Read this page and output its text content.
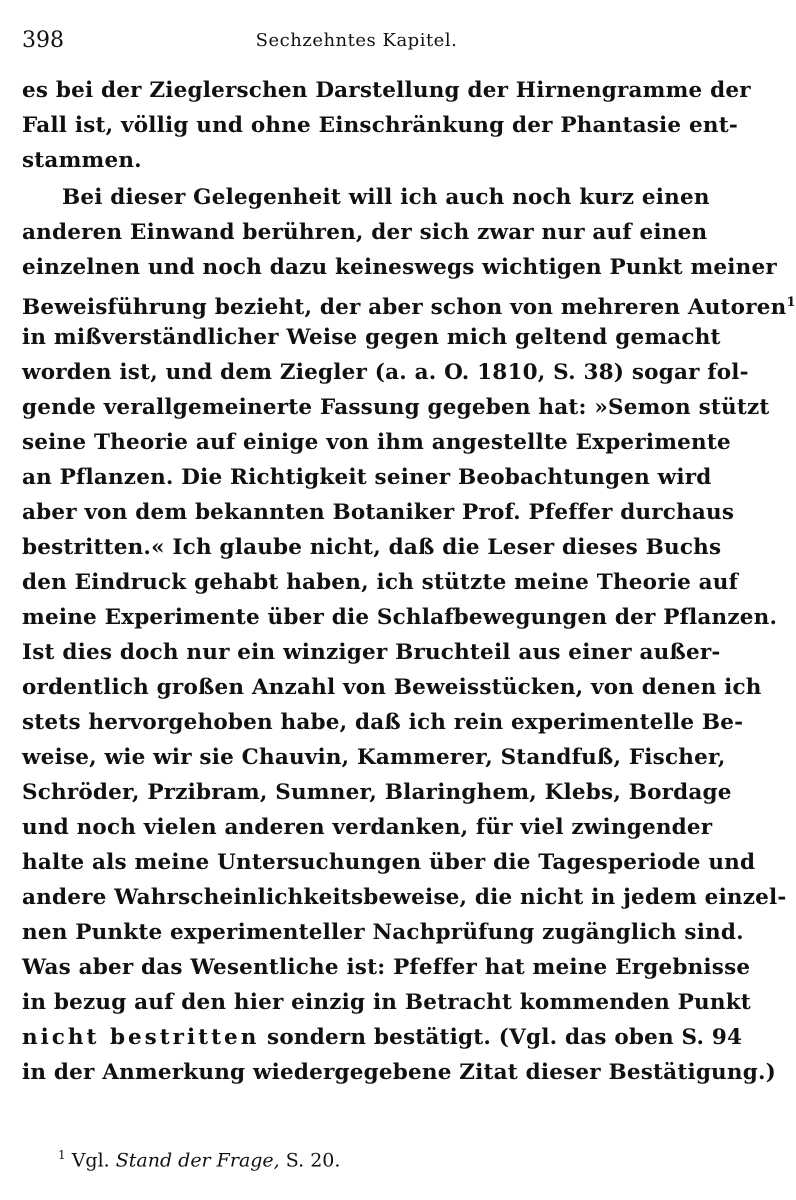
398	Sechzehntes Kapitel.
es bei der Zieglerschen Darstellung der Hirnengramme der
Fall ist, völlig und ohne Einschränkung der Phantasie ent-
stammen.
Bei dieser Gelegenheit will ich auch noch kurz einen
anderen Einwand berühren, der sich zwar nur auf einen
einzelnen und noch dazu keineswegs wichtigen Punkt meiner
Beweisführung bezieht, der aber schon von mehreren Autoren$^1$
in mißverständlicher Weise gegen mich geltend gemacht
worden ist, und dem Ziegler (a. a. O. 1810, S. 38) sogar fol-
gende verallgemeinerte Fassung gegeben hat: »Semon stützt
seine Theorie auf einige von ihm angestellte Experimente
an Pflanzen. Die Richtigkeit seiner Beobachtungen wird
aber von dem bekannten Botaniker Prof. Pfeffer durchaus
bestritten.« Ich glaube nicht, daß die Leser dieses Buchs
den Eindruck gehabt haben, ich stützte meine Theorie auf
meine Experimente über die Schlafbewegungen der Pflanzen.
Ist dies doch nur ein winziger Bruchteil aus einer außer-
ordentlich großen Anzahl von Beweisstücken, von denen ich
stets hervorgehoben habe, daß ich rein experimentelle Be-
weise, wie wir sie Chauvin, Kammerer, Standfuß, Fischer,
Schröder, Przibram, Sumner, Blaringhem, Klebs, Bordage
und noch vielen anderen verdanken, für viel zwingender
halte als meine Untersuchungen über die Tagesperiode und
andere Wahrscheinlichkeitsbeweise, die nicht in jedem einzel-
nen Punkte experimenteller Nachprüfung zugänglich sind.
Was aber das Wesentliche ist: Pfeffer hat meine Ergebnisse
in bezug auf den hier einzig in Betracht kommenden Punkt
nicht bestritten sondern bestätigt. (Vgl. das oben S. 94
in der Anmerkung wiedergegebene Zitat dieser Bestätigung.)
$^1$ Vgl. Stand der Frage, S. 20.
